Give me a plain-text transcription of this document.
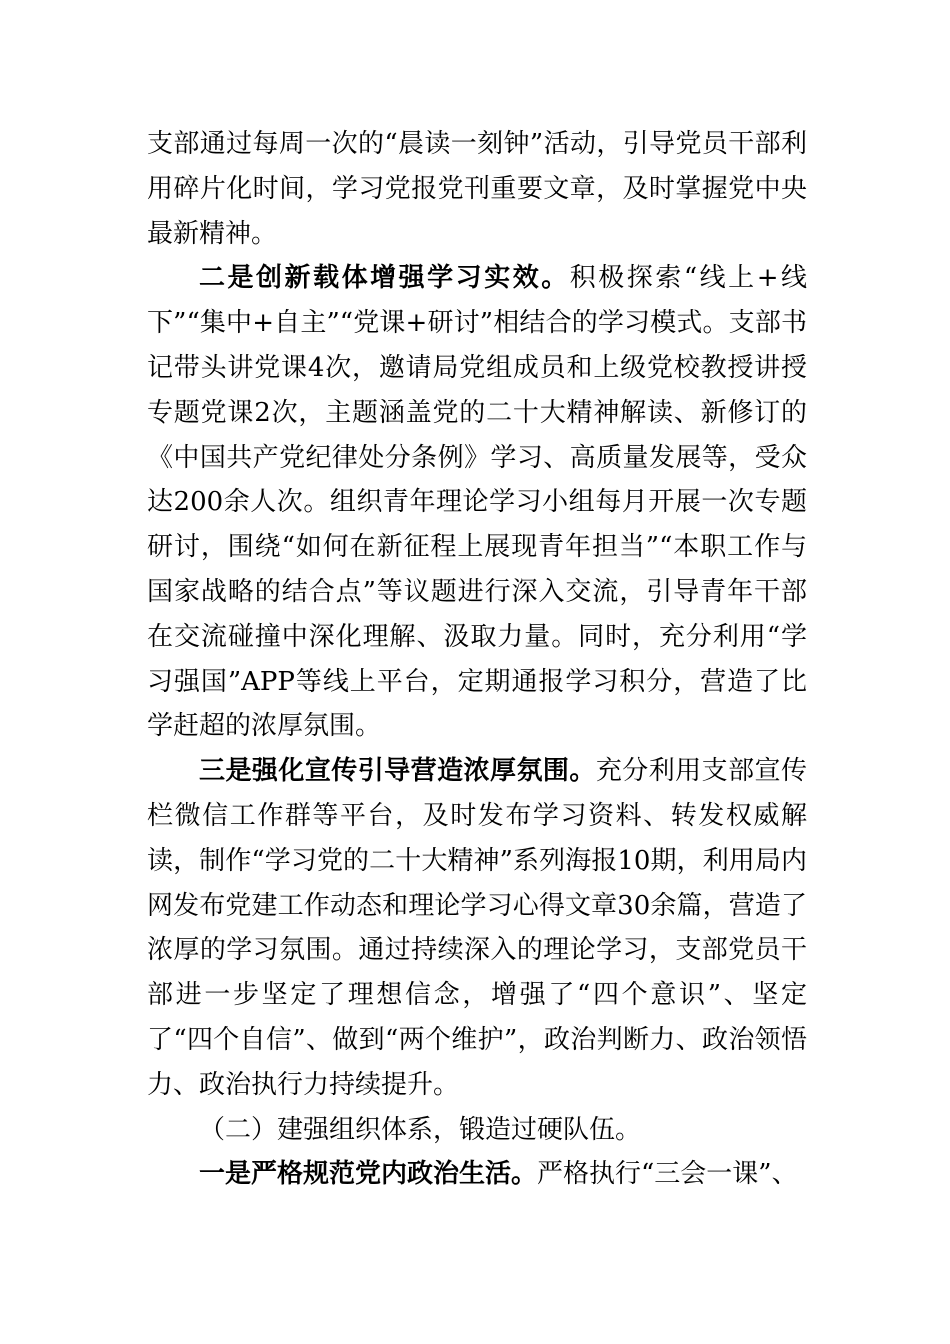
支部通过每周一次的“晨读一刻钟”活动，引导党员干部利用碎片化时间，学习党报党刊重要文章，及时掌握党中央最新精神。

二是创新载体增强学习实效。积极探索“线上+线下”“集中+自主”“党课+研讨”相结合的学习模式。支部书记带头讲党课4次，邀请局党组成员和上级党校教授讲授专题党课2次，主题涵盖党的二十大精神解读、新修订的《中国共产党纪律处分条例》学习、高质量发展等，受众达200余人次。组织青年理论学习小组每月开展一次专题研讨，围绕“如何在新征程上展现青年担当”“本职工作与国家战略的结合点”等议题进行深入交流，引导青年干部在交流碰撞中深化理解、汲取力量。同时，充分利用“学习强国”APP等线上平台，定期通报学习积分，营造了比学赶超的浓厚氛围。

三是强化宣传引导营造浓厚氛围。充分利用支部宣传栏微信工作群等平台，及时发布学习资料、转发权威解读，制作“学习党的二十大精神”系列海报10期，利用局内网发布党建工作动态和理论学习心得文章30余篇，营造了浓厚的学习氛围。通过持续深入的理论学习，支部党员干部进一步坚定了理想信念，增强了“四个意识”、坚定了“四个自信”、做到“两个维护”，政治判断力、政治领悟力、政治执行力持续提升。

（二）建强组织体系，锻造过硬队伍。

一是严格规范党内政治生活。严格执行“三会一课”、
